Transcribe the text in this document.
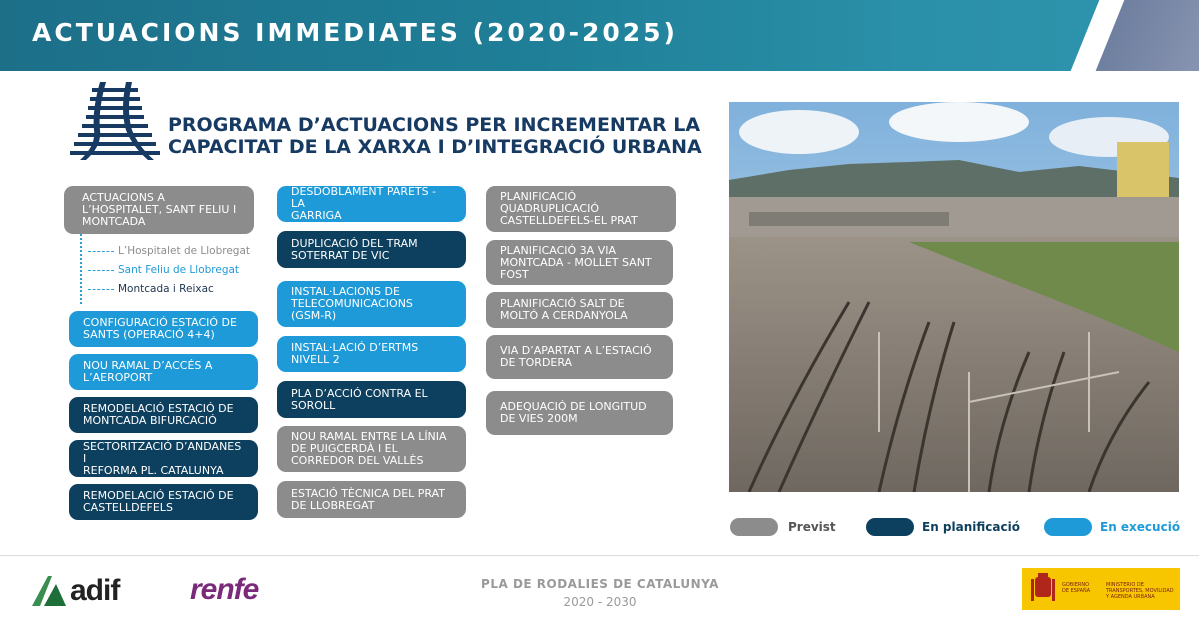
ACTUACIONS IMMEDIATES (2020-2025)
PROGRAMA D’ACTUACIONS PER INCREMENTAR LA
CAPACITAT DE LA XARXA I D’INTEGRACIÓ URBANA
ACTUACIONS A
L’HOSPITALET, SANT FELIU I
MONTCADA
L’Hospitalet de Llobregat
Sant Feliu de Llobregat
Montcada i Reixac
CONFIGURACIÓ ESTACIÓ DE
SANTS (OPERACIÓ 4+4)
NOU RAMAL D’ACCÉS A
L’AEROPORT
REMODELACIÓ ESTACIÓ DE
MONTCADA BIFURCACIÓ
SECTORITZACIÓ D’ANDANES I
REFORMA PL. CATALUNYA
REMODELACIÓ ESTACIÓ DE
CASTELLDEFELS
DESDOBLAMENT PARETS - LA
GARRIGA
DUPLICACIÓ DEL TRAM
SOTERRAT DE VIC
INSTAL·LACIONS DE
TELECOMUNICACIONS
(GSM-R)
INSTAL·LACIÓ D’ERTMS
NIVELL 2
PLA D’ACCIÓ CONTRA EL
SOROLL
NOU RAMAL ENTRE LA LÍNIA
DE PUIGCERDÀ I EL
CORREDOR DEL VALLÈS
ESTACIÓ TÈCNICA DEL PRAT
DE LLOBREGAT
PLANIFICACIÓ
QUADRUPLICACIÓ
CASTELLDEFELS-EL PRAT
PLANIFICACIÓ 3A VIA
MONTCADA - MOLLET SANT
FOST
PLANIFICACIÓ SALT DE
MOLTÓ A CERDANYOLA
VIA D’APARTAT A L’ESTACIÓ
DE TORDERA
ADEQUACIÓ DE LONGITUD
DE VIES 200M
Previst	En planificació	En execució
adif renfe	PLA DE RODALIES DE CATALUNYA
2020 - 2030
GOBIERNO DE ESPAÑA
MINISTERIO DE TRANSPORTES, MOVILIDAD Y AGENDA URBANA
